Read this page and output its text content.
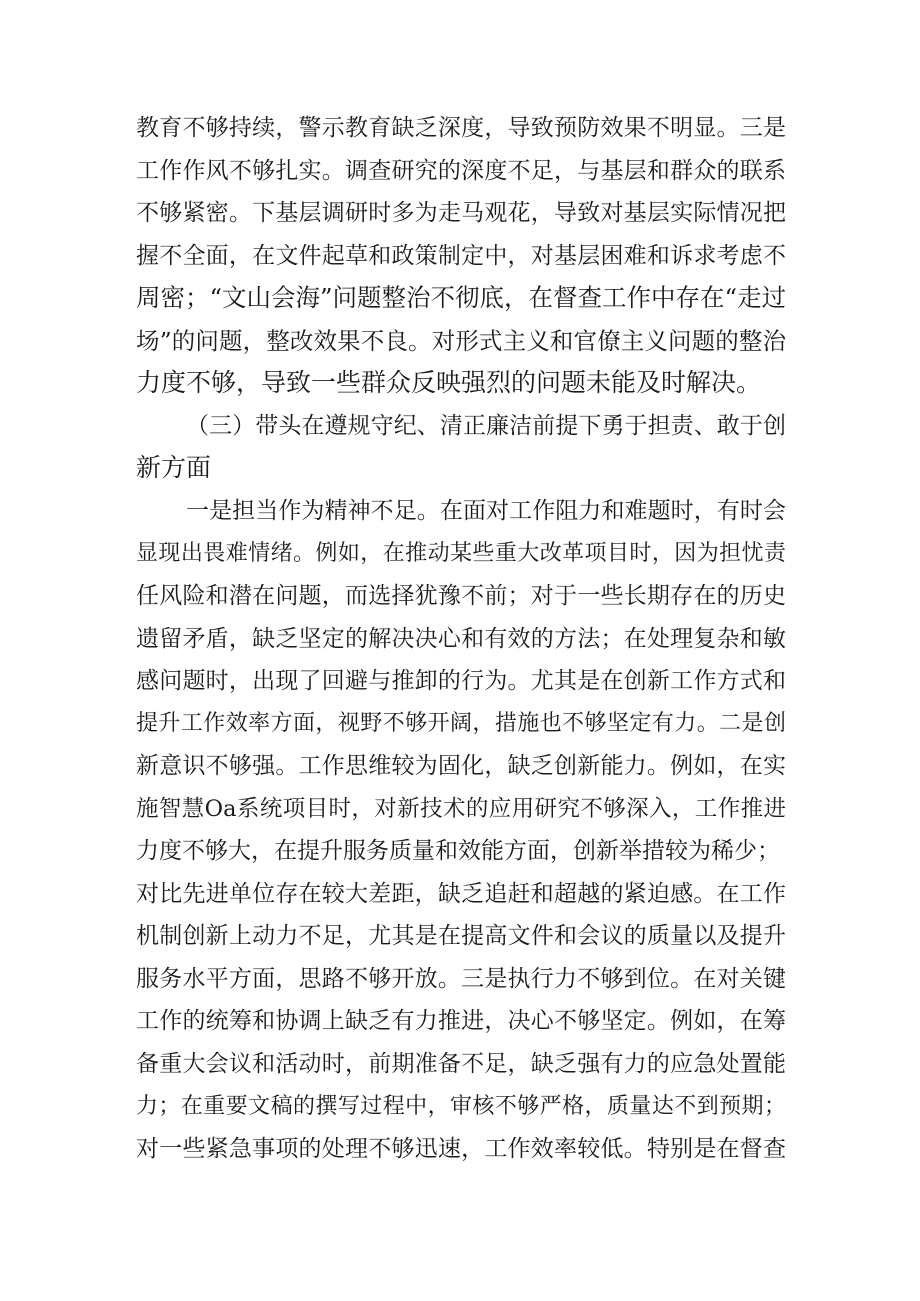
教育不够持续，警示教育缺乏深度，导致预防效果不明显。三是
工作作风不够扎实。调查研究的深度不足，与基层和群众的联系
不够紧密。下基层调研时多为走马观花，导致对基层实际情况把
握不全面，在文件起草和政策制定中，对基层困难和诉求考虑不
周密；“文山会海”问题整治不彻底，在督查工作中存在“走过
场”的问题，整改效果不良。对形式主义和官僚主义问题的整治
力度不够，导致一些群众反映强烈的问题未能及时解决。
（三）带头在遵规守纪、清正廉洁前提下勇于担责、敢于创
新方面
一是担当作为精神不足。在面对工作阻力和难题时，有时会
显现出畏难情绪。例如，在推动某些重大改革项目时，因为担忧责
任风险和潜在问题，而选择犹豫不前；对于一些长期存在的历史
遗留矛盾，缺乏坚定的解决决心和有效的方法；在处理复杂和敏
感问题时，出现了回避与推卸的行为。尤其是在创新工作方式和
提升工作效率方面，视野不够开阔，措施也不够坚定有力。二是创
新意识不够强。工作思维较为固化，缺乏创新能力。例如，在实
施智慧Oa系统项目时，对新技术的应用研究不够深入，工作推进
力度不够大，在提升服务质量和效能方面，创新举措较为稀少；
对比先进单位存在较大差距，缺乏追赶和超越的紧迫感。在工作
机制创新上动力不足，尤其是在提高文件和会议的质量以及提升
服务水平方面，思路不够开放。三是执行力不够到位。在对关键
工作的统筹和协调上缺乏有力推进，决心不够坚定。例如，在筹
备重大会议和活动时，前期准备不足，缺乏强有力的应急处置能
力；在重要文稿的撰写过程中，审核不够严格，质量达不到预期；
对一些紧急事项的处理不够迅速，工作效率较低。特别是在督查
